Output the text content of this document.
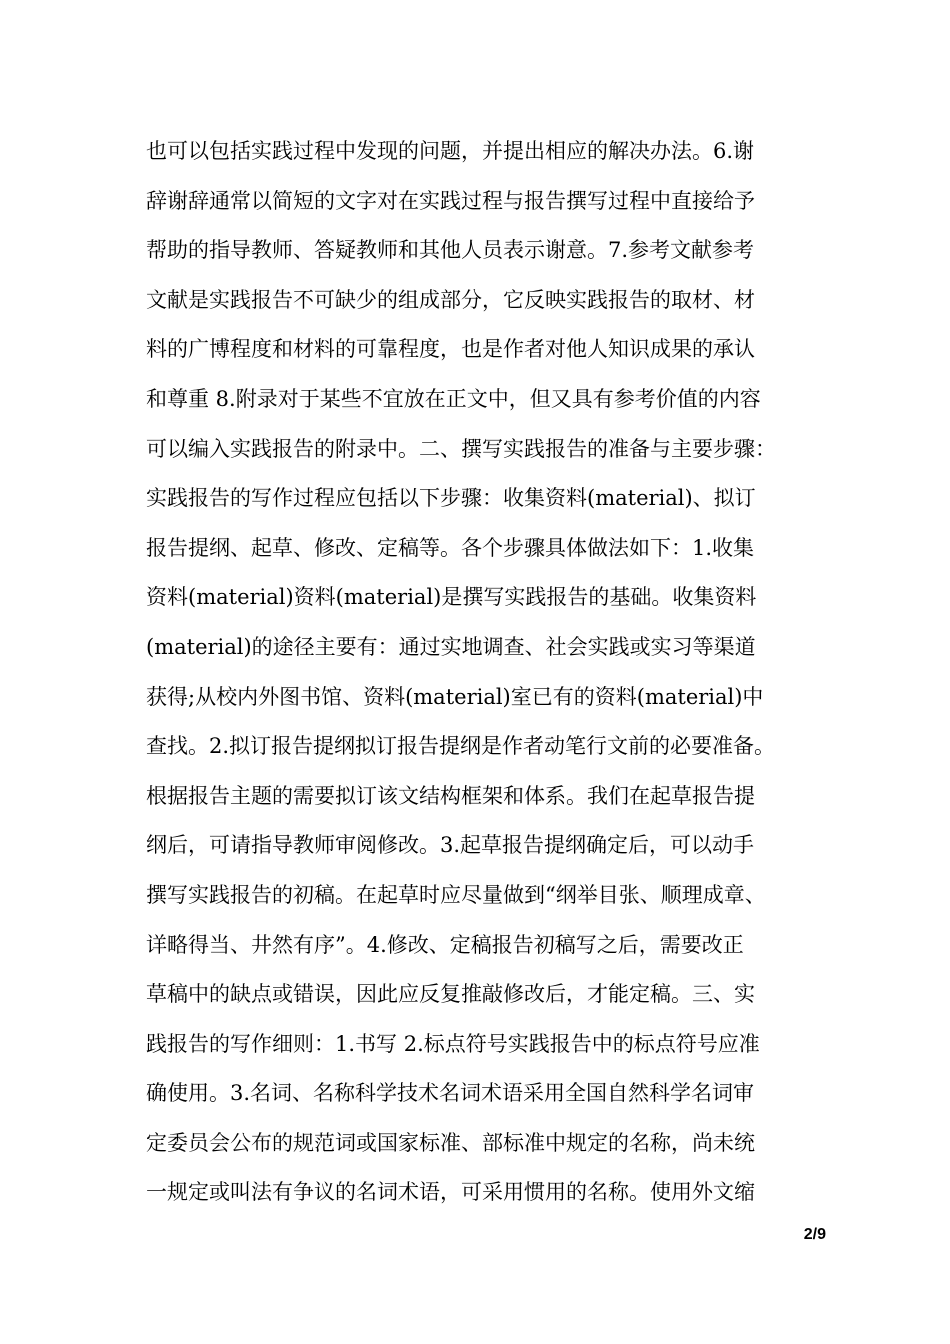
也可以包括实践过程中发现的问题，并提出相应的解决办法。6.谢
辞谢辞通常以简短的文字对在实践过程与报告撰写过程中直接给予
帮助的指导教师、答疑教师和其他人员表示谢意。7.参考文献参考
文献是实践报告不可缺少的组成部分，它反映实践报告的取材、材
料的广博程度和材料的可靠程度，也是作者对他人知识成果的承认
和尊重 8.附录对于某些不宜放在正文中，但又具有参考价值的内容
可以编入实践报告的附录中。二、撰写实践报告的准备与主要步骤：
实践报告的写作过程应包括以下步骤：收集资料(material)、拟订
报告提纲、起草、修改、定稿等。各个步骤具体做法如下：1.收集
资料(material)资料(material)是撰写实践报告的基础。收集资料
(material)的途径主要有：通过实地调查、社会实践或实习等渠道
获得;从校内外图书馆、资料(material)室已有的资料(material)中
查找。2.拟订报告提纲拟订报告提纲是作者动笔行文前的必要准备。
根据报告主题的需要拟订该文结构框架和体系。我们在起草报告提
纲后，可请指导教师审阅修改。3.起草报告提纲确定后，可以动手
撰写实践报告的初稿。在起草时应尽量做到“纲举目张、顺理成章、
详略得当、井然有序”。4.修改、定稿报告初稿写之后，需要改正
草稿中的缺点或错误，因此应反复推敲修改后，才能定稿。三、实
践报告的写作细则：1.书写 2.标点符号实践报告中的标点符号应准
确使用。3.名词、名称科学技术名词术语采用全国自然科学名词审
定委员会公布的规范词或国家标准、部标准中规定的名称，尚未统
一规定或叫法有争议的名词术语，可采用惯用的名称。使用外文缩
2/9
